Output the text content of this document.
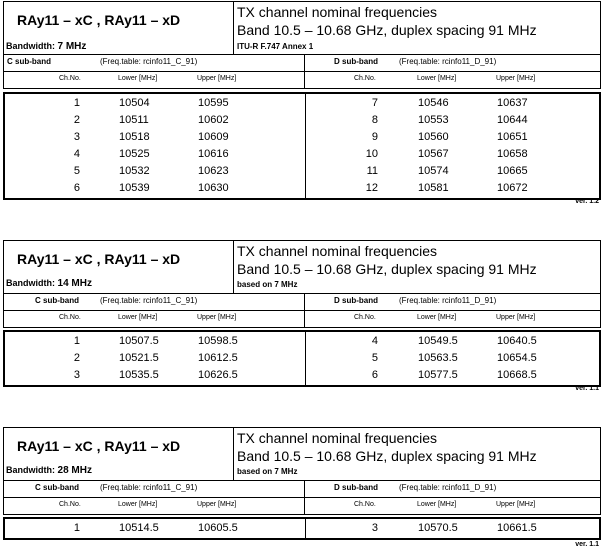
RAy11 – xC , RAy11 – xD
Bandwidth: 7 MHz
TX channel nominal frequencies
Band 10.5 – 10.68 GHz, duplex spacing 91 MHz
ITU-R F.747 Annex 1
C sub-band	(Freq.table: rcinfo11_C_91)	D sub-band	(Freq.table: rcinfo11_D_91)
Ch.No.	Lower [MHz]	Upper [MHz]	Ch.No.	Lower [MHz]	Upper [MHz]
1	10504	10595	7	10546	10637
2	10511	10602	8	10553	10644
3	10518	10609	9	10560	10651
4	10525	10616	10	10567	10658
5	10532	10623	11	10574	10665
6	10539	10630	12	10581	10672
ver. 1.2
RAy11 – xC , RAy11 – xD
Bandwidth: 14 MHz
TX channel nominal frequencies
Band 10.5 – 10.68 GHz, duplex spacing 91 MHz
based on 7 MHz
C sub-band	(Freq.table: rcinfo11_C_91)	D sub-band	(Freq.table: rcinfo11_D_91)
Ch.No.	Lower [MHz]	Upper [MHz]	Ch.No.	Lower [MHz]	Upper [MHz]
1	10507.5	10598.5	4	10549.5	10640.5
2	10521.5	10612.5	5	10563.5	10654.5
3	10535.5	10626.5	6	10577.5	10668.5
ver. 1.1
RAy11 – xC , RAy11 – xD
Bandwidth: 28 MHz
TX channel nominal frequencies
Band 10.5 – 10.68 GHz, duplex spacing 91 MHz
based on 7 MHz
C sub-band	(Freq.table: rcinfo11_C_91)	D sub-band	(Freq.table: rcinfo11_D_91)
Ch.No.	Lower [MHz]	Upper [MHz]	Ch.No.	Lower [MHz]	Upper [MHz]
1	10514.5	10605.5	3	10570.5	10661.5
ver. 1.1
